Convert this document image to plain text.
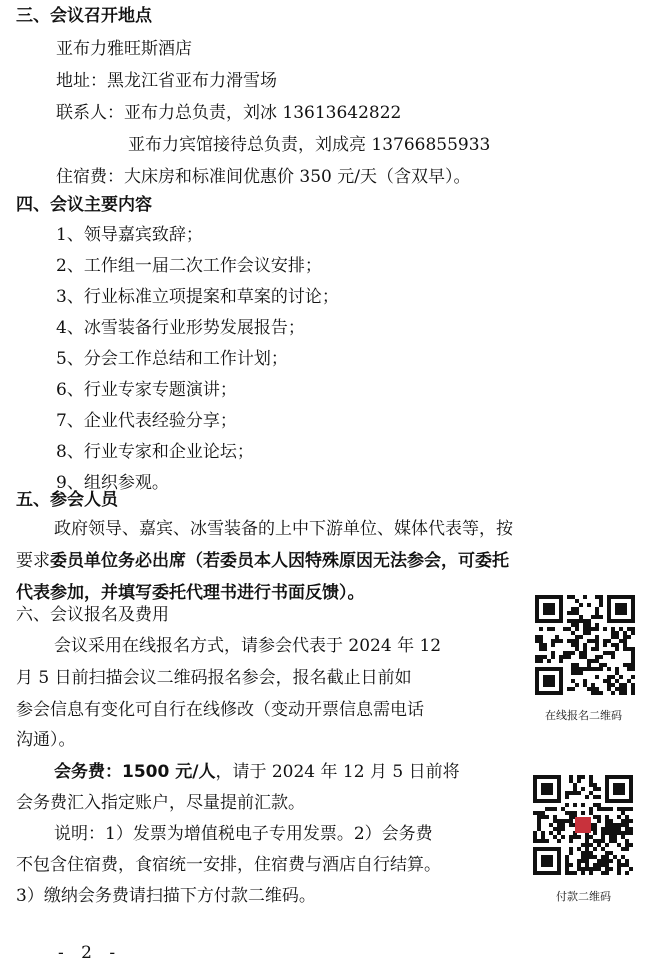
三、会议召开地点
亚布力雅旺斯酒店
地址：黑龙江省亚布力滑雪场
联系人：亚布力总负责，刘冰 13613642822
亚布力宾馆接待总负责，刘成亮 13766855933
住宿费：大床房和标准间优惠价 350 元/天（含双早）。
四、会议主要内容
1、领导嘉宾致辞；
2、工作组一届二次工作会议安排；
3、行业标准立项提案和草案的讨论；
4、冰雪装备行业形势发展报告；
5、分会工作总结和工作计划；
6、行业专家专题演讲；
7、企业代表经验分享；
8、行业专家和企业论坛；
9、组织参观。
五、参会人员
政府领导、嘉宾、冰雪装备的上中下游单位、媒体代表等，按
要求委员单位务必出席（若委员本人因特殊原因无法参会，可委托
代表参加，并填写委托代理书进行书面反馈）。
六、会议报名及费用
会议采用在线报名方式，请参会代表于 2024 年 12
月 5 日前扫描会议二维码报名参会，报名截止日前如
参会信息有变化可自行在线修改（变动开票信息需电话
沟通）。
会务费：1500 元/人，请于 2024 年 12 月 5 日前将
会务费汇入指定账户，尽量提前汇款。
说明：1）发票为增值税电子专用发票。2）会务费
不包含住宿费，食宿统一安排，住宿费与酒店自行结算。
3）缴纳会务费请扫描下方付款二维码。
在线报名二维码
付款二维码
- 2 -
